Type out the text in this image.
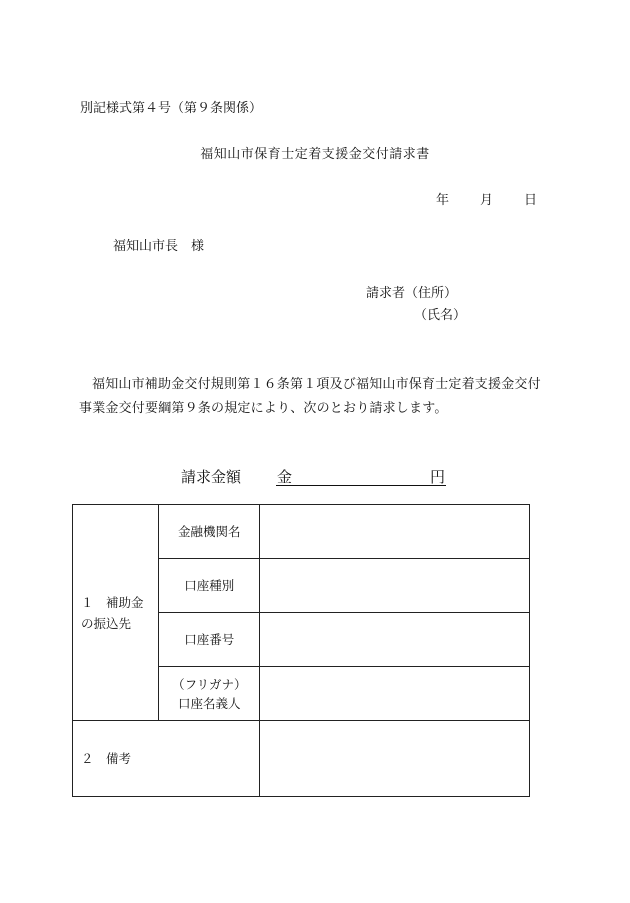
別記様式第４号（第９条関係）
福知山市保育士定着支援金交付請求書
年 月 日
福知山市長　様
請求者（住所）
（氏名）
福知山市補助金交付規則第１６条第１項及び福知山市保育士定着支援金交付事業金交付要綱第９条の規定により、次のとおり請求します。
請求金額 金	円
１　補助金
の振込先	金融機関名	
	口座種別	
	口座番号	

	（フリガナ）
口座名義人	

２　備考		
